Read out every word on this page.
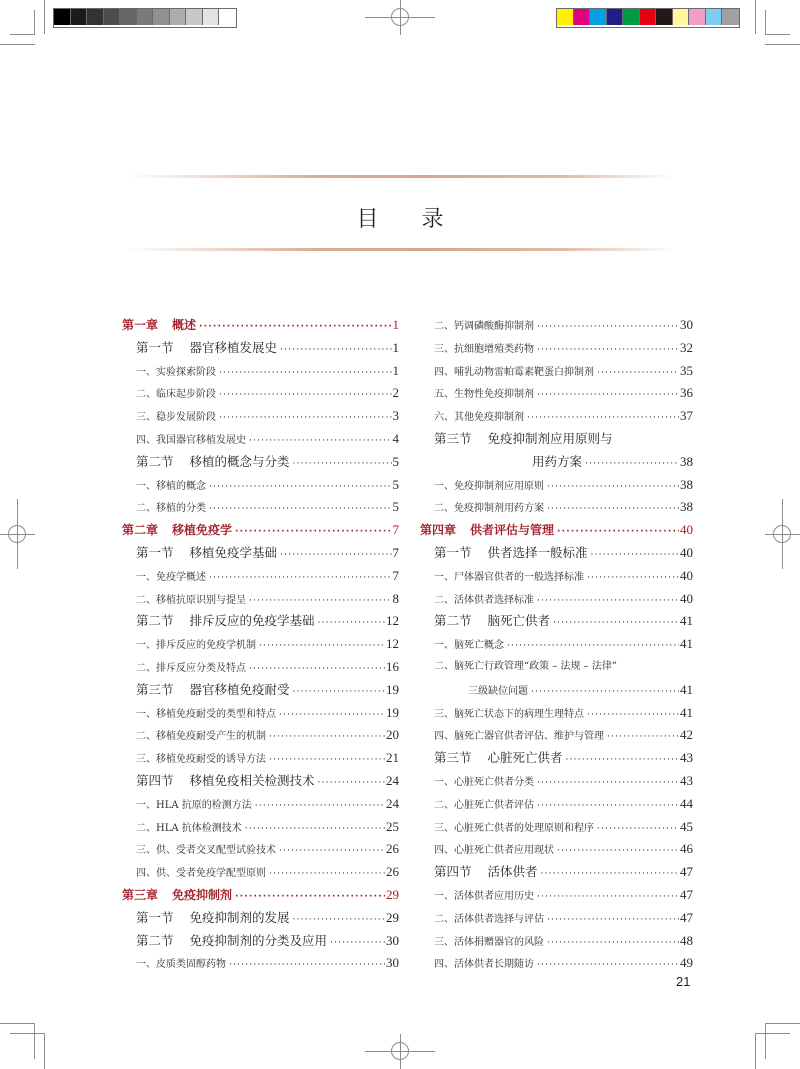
目 录
第一章 概述 ·····	1
第一节 器官移植发展史 ·····	1
一、实验探索阶段 ·····	1
二、临床起步阶段 ·····	2
三、稳步发展阶段 ·····	3
四、我国器官移植发展史 ·····	4
第二节 移植的概念与分类 ·····	5
一、移植的概念 ·····	5
二、移植的分类 ·····	5
第二章 移植免疫学 ·····	7
第一节 移植免疫学基础 ·····	7
一、免疫学概述 ·····	7
二、移植抗原识别与提呈 ·····	8
第二节 排斥反应的免疫学基础 ·····	12
一、排斥反应的免疫学机制 ·····	12
二、排斥反应分类及特点 ·····	16
第三节 器官移植免疫耐受 ·····	19
一、移植免疫耐受的类型和特点 ·····	19
二、移植免疫耐受产生的机制 ·····	20
三、移植免疫耐受的诱导方法 ·····	21
第四节 移植免疫相关检测技术 ·····	24
一、HLA 抗原的检测方法 ·····	24
二、HLA 抗体检测技术 ·····	25
三、供、受者交叉配型试验技术 ·····	26
四、供、受者免疫学配型原则 ·····	26
第三章 免疫抑制剂 ·····	29
第一节 免疫抑制剂的发展 ·····	29
第二节 免疫抑制剂的分类及应用 ·····	30
一、皮质类固醇药物 ·····	30
二、钙调磷酸酶抑制剂 ·····	30
三、抗细胞增殖类药物 ·····	32
四、哺乳动物雷帕霉素靶蛋白抑制剂 ·····	35
五、生物性免疫抑制剂 ·····	36
六、其他免疫抑制剂 ·····	37
第三节 免疫抑制剂应用原则与
用药方案 ·····	38
一、免疫抑制剂应用原则 ·····	38
二、免疫抑制剂用药方案 ·····	38
第四章 供者评估与管理 ·····	40
第一节 供者选择一般标准 ·····	40
一、尸体器官供者的一般选择标准 ·····	40
二、活体供者选择标准 ·····	40
第二节 脑死亡供者 ·····	41
一、脑死亡概念 ·····	41
二、脑死亡行政管理“政策 – 法规 – 法律”
三级缺位问题 ·····	41
三、脑死亡状态下的病理生理特点 ·····	41
四、脑死亡器官供者评估、维护与管理 ·····	42
第三节 心脏死亡供者 ·····	43
一、心脏死亡供者分类 ·····	43
二、心脏死亡供者评估 ·····	44
三、心脏死亡供者的处理原则和程序 ·····	45
四、心脏死亡供者应用现状 ·····	46
第四节 活体供者 ·····	47
一、活体供者应用历史 ·····	47
二、活体供者选择与评估 ·····	47
三、活体捐赠器官的风险 ·····	48
四、活体供者长期随访 ·····	49
21
